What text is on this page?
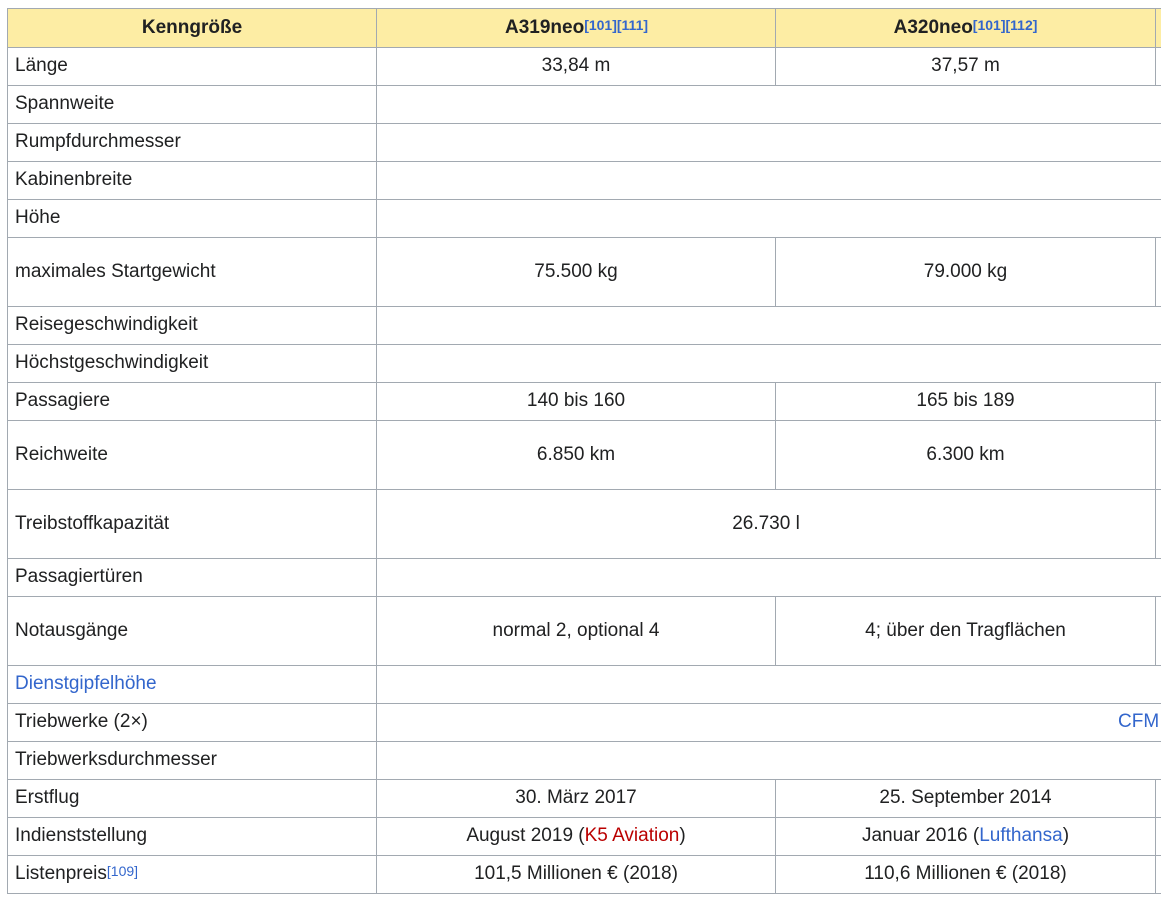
Kenngröße	A319neo[101][111]	A320neo[101][112]
Länge	33,84 m	37,57 m
Spannweite
Rumpfdurchmesser
Kabinenbreite
Höhe
maximales Startgewicht	75.500 kg	79.000 kg
Reisegeschwindigkeit
Höchstgeschwindigkeit
Passagiere	140 bis 160	165 bis 189
Reichweite	6.850 km	6.300 km
Treibstoffkapazität	26.730 l
Passagiertüren
Notausgänge	normal 2, optional 4	4; über den Tragflächen
Dienstgipfelhöhe
Triebwerke (2×)	CFM
Triebwerksdurchmesser
Erstflug	30. März 2017	25. September 2014
Indienststellung	August 2019 ( K5 Aviation )	Januar 2016 ( Lufthansa )
Listenpreis[109]	101,5 Millionen € (2018)	110,6 Millionen € (2018)
